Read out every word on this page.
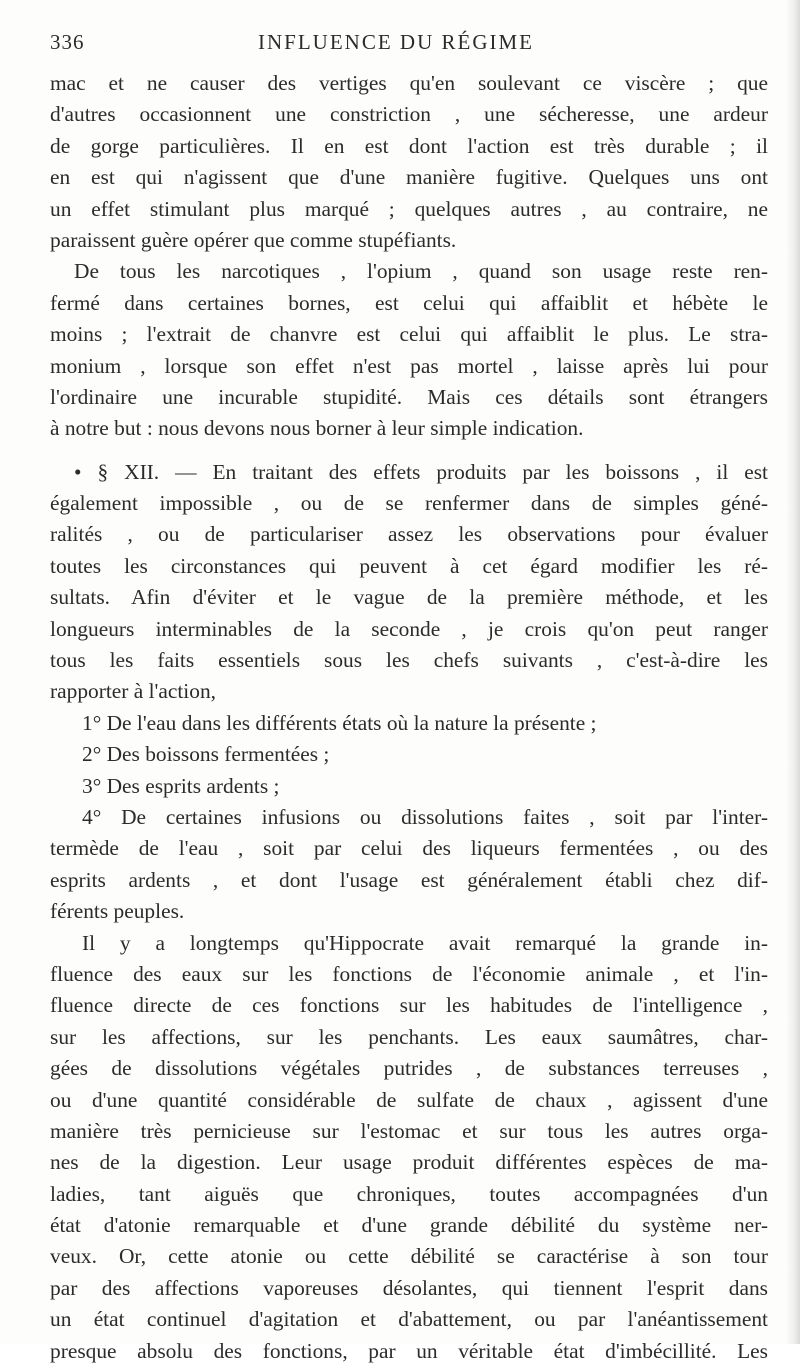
336	INFLUENCE DU RÉGIME
mac et ne causer des vertiges qu'en soulevant ce viscère ; que
d'autres occasionnent une constriction , une sécheresse, une ardeur
de gorge particulières. Il en est dont l'action est très durable ; il
en est qui n'agissent que d'une manière fugitive. Quelques uns ont
un effet stimulant plus marqué ; quelques autres , au contraire, ne
paraissent guère opérer que comme stupéfiants.
De tous les narcotiques , l'opium , quand son usage reste ren-
fermé dans certaines bornes, est celui qui affaiblit et hébète le
moins ; l'extrait de chanvre est celui qui affaiblit le plus. Le stra-
monium , lorsque son effet n'est pas mortel , laisse après lui pour
l'ordinaire une incurable stupidité. Mais ces détails sont étrangers
à notre but : nous devons nous borner à leur simple indication.
• § XII. — En traitant des effets produits par les boissons , il est
également impossible , ou de se renfermer dans de simples géné-
ralités , ou de particulariser assez les observations pour évaluer
toutes les circonstances qui peuvent à cet égard modifier les ré-
sultats. Afin d'éviter et le vague de la première méthode, et les
longueurs interminables de la seconde , je crois qu'on peut ranger
tous les faits essentiels sous les chefs suivants , c'est-à-dire les
rapporter à l'action,
1° De l'eau dans les différents états où la nature la présente ;
2° Des boissons fermentées ;
3° Des esprits ardents ;
4° De certaines infusions ou dissolutions faites , soit par l'inter-
termède de l'eau , soit par celui des liqueurs fermentées , ou des
esprits ardents , et dont l'usage est généralement établi chez dif-
férents peuples.
Il y a longtemps qu'Hippocrate avait remarqué la grande in-
fluence des eaux sur les fonctions de l'économie animale , et l'in-
fluence directe de ces fonctions sur les habitudes de l'intelligence ,
sur les affections, sur les penchants. Les eaux saumâtres, char-
gées de dissolutions végétales putrides , de substances terreuses ,
ou d'une quantité considérable de sulfate de chaux , agissent d'une
manière très pernicieuse sur l'estomac et sur tous les autres orga-
nes de la digestion. Leur usage produit différentes espèces de ma-
ladies, tant aiguës que chroniques, toutes accompagnées d'un
état d'atonie remarquable et d'une grande débilité du système ner-
veux. Or, cette atonie ou cette débilité se caractérise à son tour
par des affections vaporeuses désolantes, qui tiennent l'esprit dans
un état continuel d'agitation et d'abattement, ou par l'anéantissement
presque absolu des fonctions, par un véritable état d'imbécillité. Les
